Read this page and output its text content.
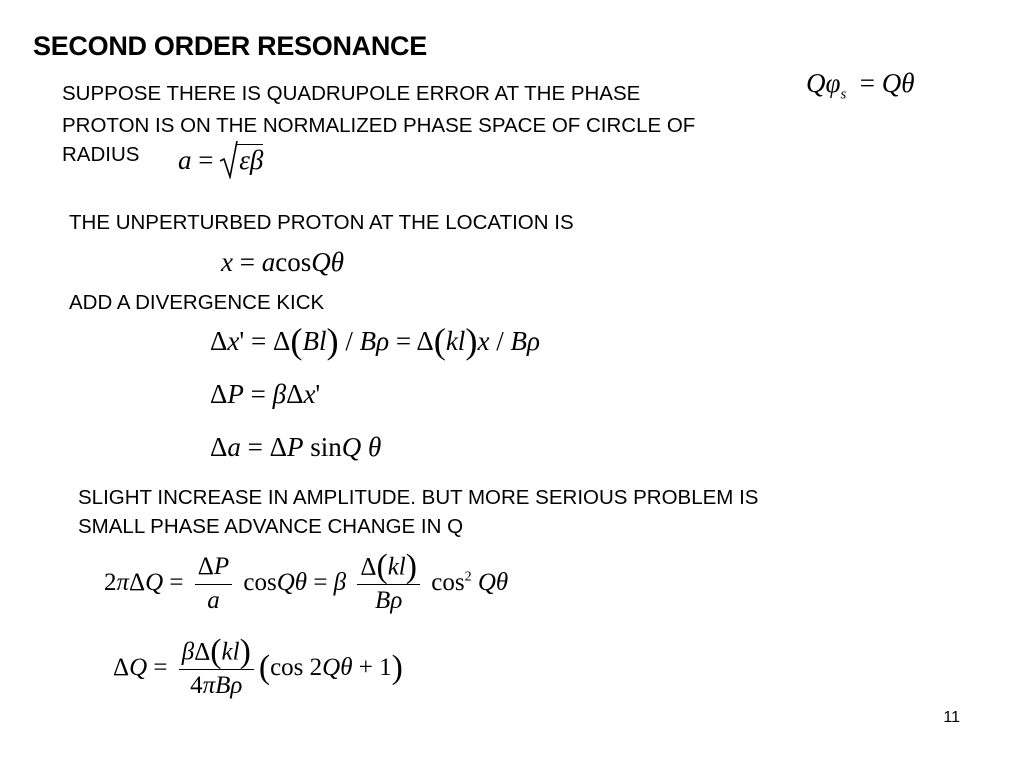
SECOND ORDER RESONANCE
SUPPOSE THERE IS QUADRUPOLE ERROR AT THE PHASE
PROTON IS ON THE NORMALIZED PHASE SPACE OF CIRCLE OF
RADIUS
$Q\varphi_s = Q\theta$
a =
εβ
THE UNPERTURBED PROTON AT THE LOCATION IS
x = acosQθ
ADD A DIVERGENCE KICK
Δx' = Δ(Bl) / Bρ = Δ(kl)x / Bρ
ΔP = βΔx'
Δa = ΔP sinQ θ
SLIGHT INCREASE IN AMPLITUDE. BUT MORE SERIOUS PROBLEM IS
SMALL PHASE ADVANCE CHANGE IN Q
$2\pi\Delta Q = \frac{\Delta P}{a}$ cosQθ = β $\frac{\Delta(kl)}{B\rho} \cos^2 Q\theta$
$\Delta Q = \frac{\beta\Delta(kl)}{\text{4πBρ}} (\cos$ 2Qθ + 1)
11
